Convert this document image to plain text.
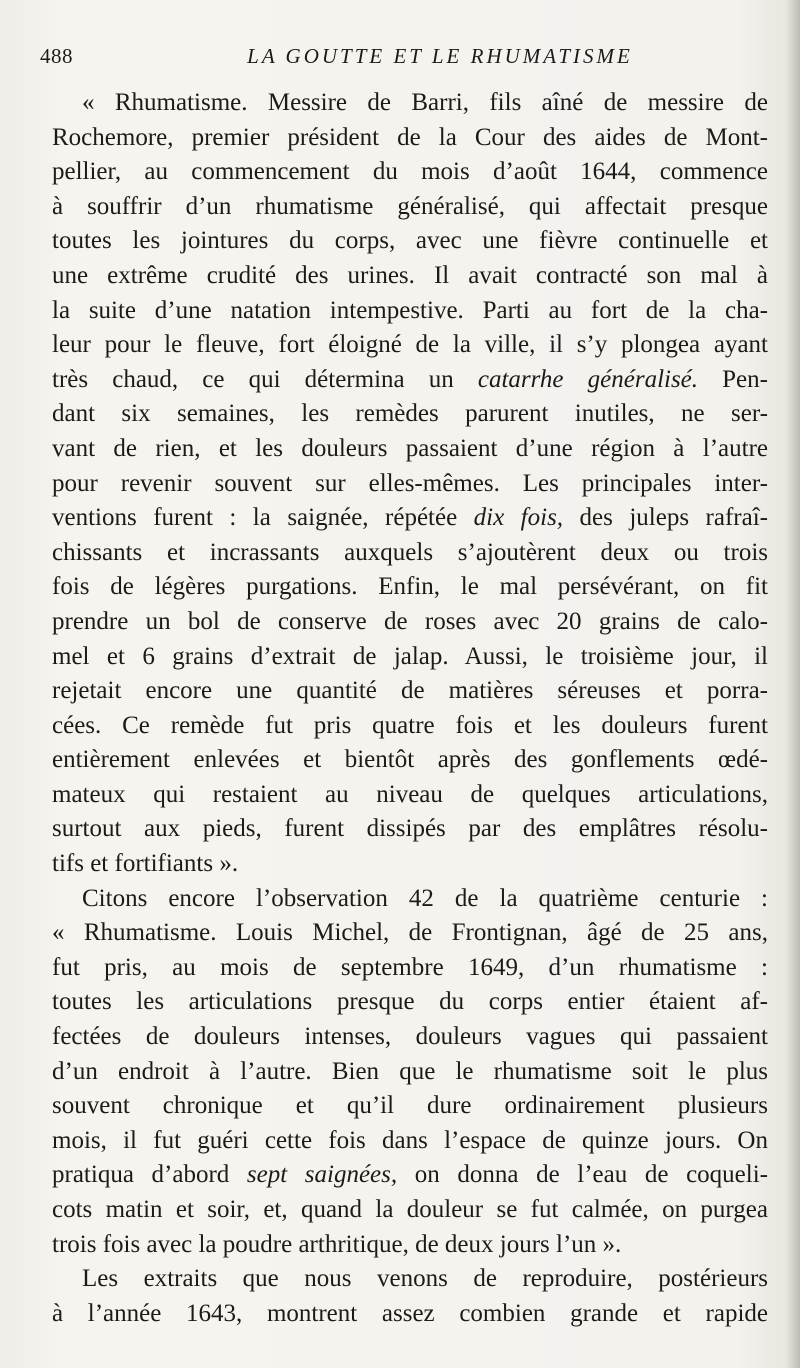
488	LA GOUTTE ET LE RHUMATISME
« Rhumatisme. Messire de Barri, fils aîné de messire de
Rochemore, premier président de la Cour des aides de Mont-
pellier, au commencement du mois d’août 1644, commence
à souffrir d’un rhumatisme généralisé, qui affectait presque
toutes les jointures du corps, avec une fièvre continuelle et
une extrême crudité des urines. Il avait contracté son mal à
la suite d’une natation intempestive. Parti au fort de la cha-
leur pour le fleuve, fort éloigné de la ville, il s’y plongea ayant
très chaud, ce qui détermina un catarrhe généralisé. Pen-
dant six semaines, les remèdes parurent inutiles, ne ser-
vant de rien, et les douleurs passaient d’une région à l’autre
pour revenir souvent sur elles-mêmes. Les principales inter-
ventions furent : la saignée, répétée dix fois, des juleps rafraî-
chissants et incrassants auxquels s’ajoutèrent deux ou trois
fois de légères purgations. Enfin, le mal persévérant, on fit
prendre un bol de conserve de roses avec 20 grains de calo-
mel et 6 grains d’extrait de jalap. Aussi, le troisième jour, il
rejetait encore une quantité de matières séreuses et porra-
cées. Ce remède fut pris quatre fois et les douleurs furent
entièrement enlevées et bientôt après des gonflements œdé-
mateux qui restaient au niveau de quelques articulations,
surtout aux pieds, furent dissipés par des emplâtres résolu-
tifs et fortifiants ».
Citons encore l’observation 42 de la quatrième centurie :
« Rhumatisme. Louis Michel, de Frontignan, âgé de 25 ans,
fut pris, au mois de septembre 1649, d’un rhumatisme :
toutes les articulations presque du corps entier étaient af-
fectées de douleurs intenses, douleurs vagues qui passaient
d’un endroit à l’autre. Bien que le rhumatisme soit le plus
souvent chronique et qu’il dure ordinairement plusieurs
mois, il fut guéri cette fois dans l’espace de quinze jours. On
pratiqua d’abord sept saignées, on donna de l’eau de coqueli-
cots matin et soir, et, quand la douleur se fut calmée, on purgea
trois fois avec la poudre arthritique, de deux jours l’un ».
Les extraits que nous venons de reproduire, postérieurs
à l’année 1643, montrent assez combien grande et rapide
